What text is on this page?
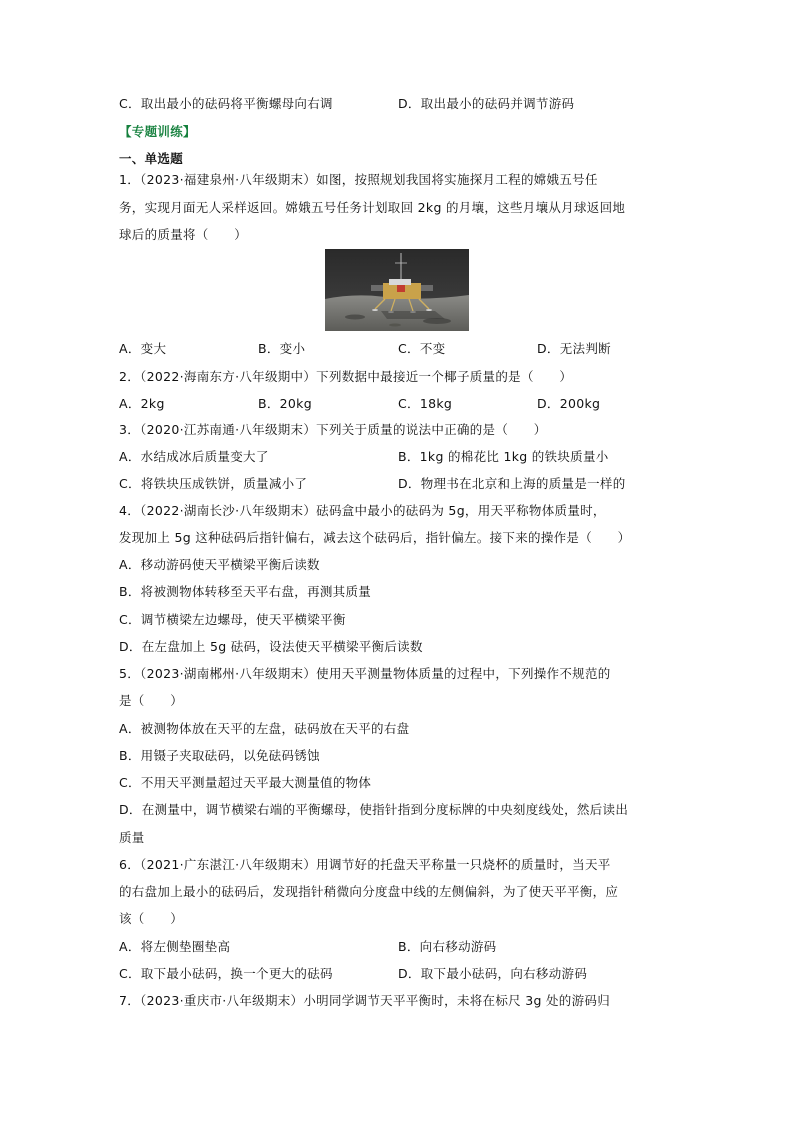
C．取出最小的砝码将平衡螺母向右调	D．取出最小的砝码并调节游码
【专题训练】
一、单选题
1．（2023·福建泉州·八年级期末）如图，按照规划我国将实施探月工程的嫦娥五号任
务，实现月面无人采样返回。嫦娥五号任务计划取回 2kg 的月壤，这些月壤从月球返回地
球后的质量将（　　）
A．变大	B．变小	C．不变	D．无法判断
2．（2022·海南东方·八年级期中）下列数据中最接近一个椰子质量的是（　　）
A．2kg	B．20kg	C．18kg	D．200kg
3．（2020·江苏南通·八年级期末）下列关于质量的说法中正确的是（　　）
A．水结成冰后质量变大了	B．1kg 的棉花比 1kg 的铁块质量小
C．将铁块压成铁饼，质量减小了	D．物理书在北京和上海的质量是一样的
4．（2022·湖南长沙·八年级期末）砝码盒中最小的砝码为 5g，用天平称物体质量时，
发现加上 5g 这种砝码后指针偏右，减去这个砝码后，指针偏左。接下来的操作是（　　）
A．移动游码使天平横梁平衡后读数
B．将被测物体转移至天平右盘，再测其质量
C．调节横梁左边螺母，使天平横梁平衡
D．在左盘加上 5g 砝码，设法使天平横梁平衡后读数
5．（2023·湖南郴州·八年级期末）使用天平测量物体质量的过程中，下列操作不规范的
是（　　）
A．被测物体放在天平的左盘，砝码放在天平的右盘
B．用镊子夹取砝码，以免砝码锈蚀
C．不用天平测量超过天平最大测量值的物体
D．在测量中，调节横梁右端的平衡螺母，使指针指到分度标牌的中央刻度线处，然后读出
质量
6．（2021·广东湛江·八年级期末）用调节好的托盘天平称量一只烧杯的质量时，当天平
的右盘加上最小的砝码后，发现指针稍微向分度盘中线的左侧偏斜，为了使天平平衡，应
该（　　）
A．将左侧垫圈垫高	B．向右移动游码
C．取下最小砝码，换一个更大的砝码	D．取下最小砝码，向右移动游码
7．（2023·重庆市·八年级期末）小明同学调节天平平衡时，未将在标尺 3g 处的游码归
